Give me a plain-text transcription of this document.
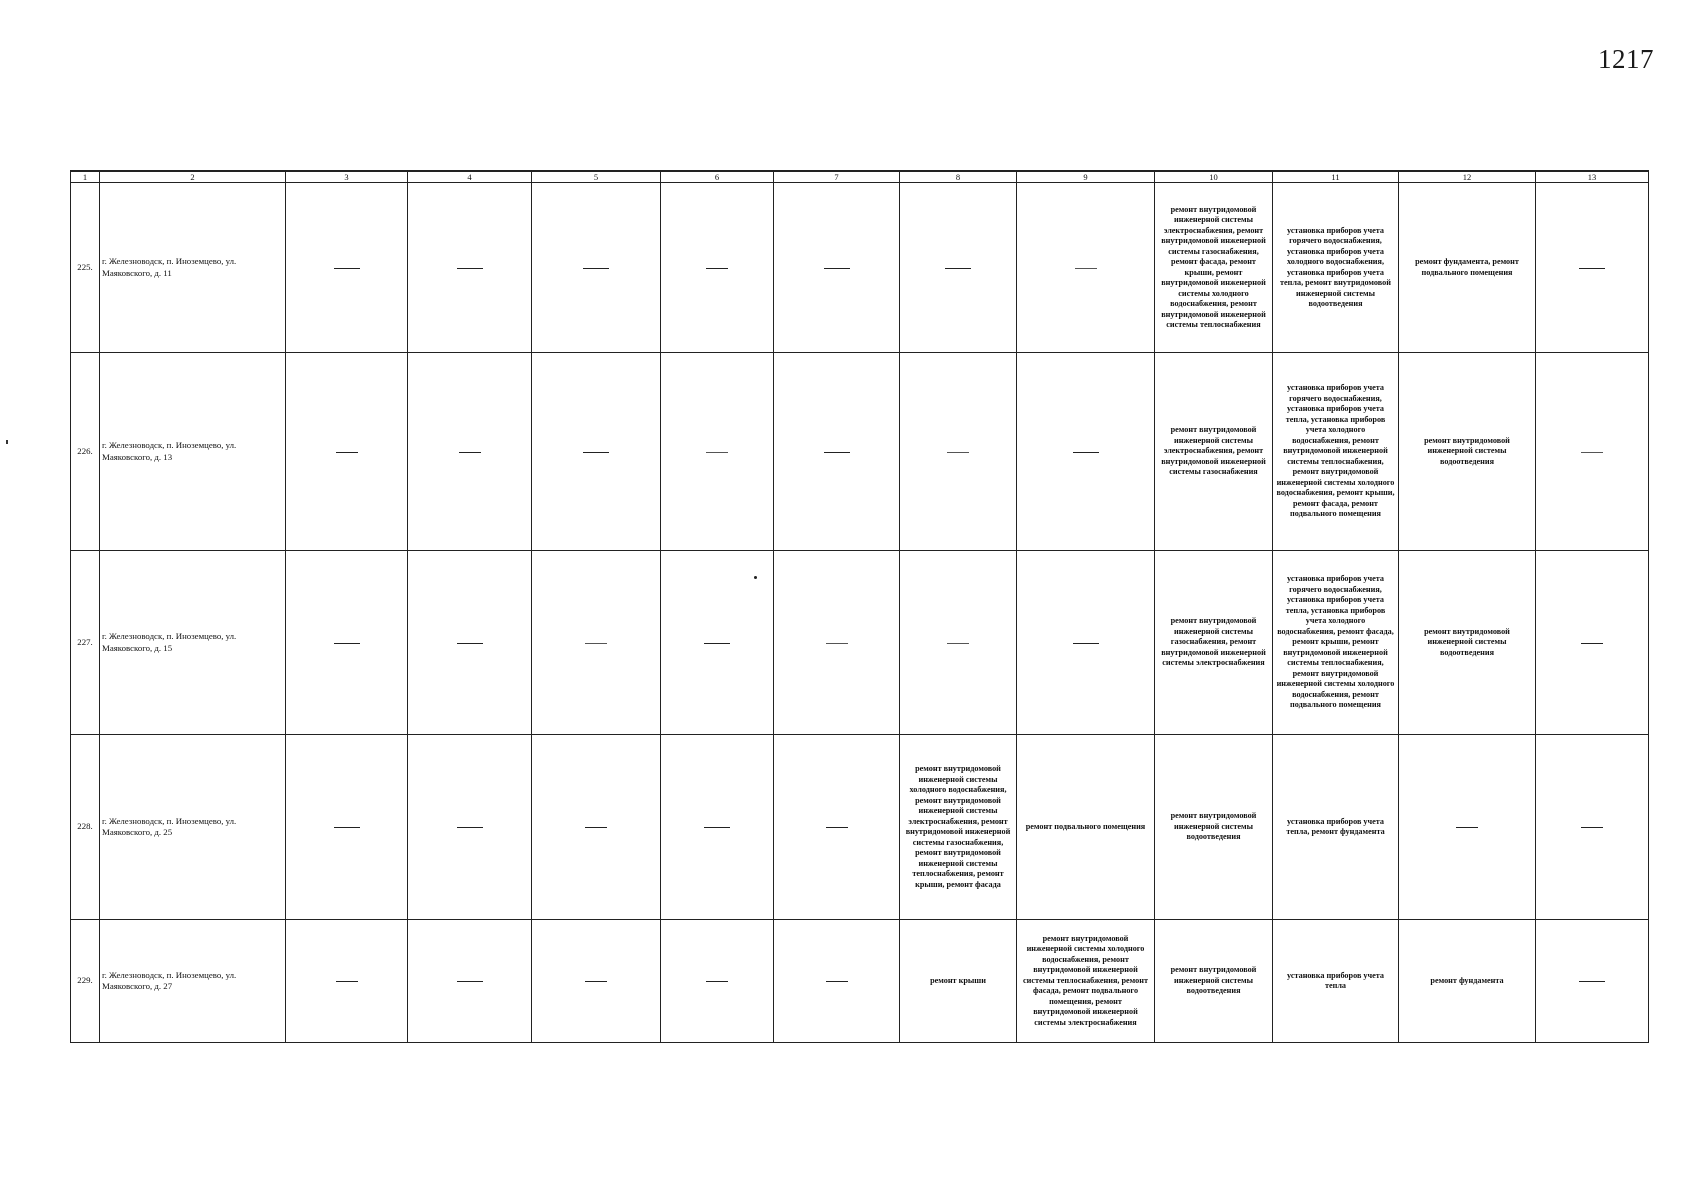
1217
1	2	3	4	5	6	7	8	9	10	11	12	13
225.	г. Железноводск, п. Иноземцево, ул. Маяковского, д. 11								ремонт внутридомовой инженерной системы электроснабжения, ремонт внутридомовой инженерной системы газоснабжения, ремонт фасада, ремонт крыши, ремонт внутридомовой инженерной системы холодного водоснабжения, ремонт внутридомовой инженерной системы теплоснабжения	установка приборов учета горячего водоснабжения, установка приборов учета холодного водоснабжения, установка приборов учета тепла, ремонт внутридомовой инженерной системы водоотведения	ремонт фундамента, ремонт подвального помещения	
226.	г. Железноводск, п. Иноземцево, ул. Маяковского, д. 13								ремонт внутридомовой инженерной системы электроснабжения, ремонт внутридомовой инженерной системы газоснабжения	установка приборов учета горячего водоснабжения, установка приборов учета тепла, установка приборов учета холодного водоснабжения, ремонт внутридомовой инженерной системы теплоснабжения, ремонт внутридомовой инженерной системы холодного водоснабжения, ремонт крыши, ремонт фасада, ремонт подвального помещения	ремонт внутридомовой инженерной системы водоотведения	
227.	г. Железноводск, п. Иноземцево, ул. Маяковского, д. 15								ремонт внутридомовой инженерной системы газоснабжения, ремонт внутридомовой инженерной системы электроснабжения	установка приборов учета горячего водоснабжения, установка приборов учета тепла, установка приборов учета холодного водоснабжения, ремонт фасада, ремонт крыши, ремонт внутридомовой инженерной системы теплоснабжения, ремонт внутридомовой инженерной системы холодного водоснабжения, ремонт подвального помещения	ремонт внутридомовой инженерной системы водоотведения	
228.	г. Железноводск, п. Иноземцево, ул. Маяковского, д. 25						ремонт внутридомовой инженерной системы холодного водоснабжения, ремонт внутридомовой инженерной системы электроснабжения, ремонт внутридомовой инженерной системы газоснабжения, ремонт внутридомовой инженерной системы теплоснабжения, ремонт крыши, ремонт фасада	ремонт подвального помещения	ремонт внутридомовой инженерной системы водоотведения	установка приборов учета тепла, ремонт фундамента		
229.	г. Железноводск, п. Иноземцево, ул. Маяковского, д. 27						ремонт крыши	ремонт внутридомовой инженерной системы холодного водоснабжения, ремонт внутридомовой инженерной системы теплоснабжения, ремонт фасада, ремонт подвального помещения, ремонт внутридомовой инженерной системы электроснабжения	ремонт внутридомовой инженерной системы водоотведения	установка приборов учета тепла	ремонт фундамента	
